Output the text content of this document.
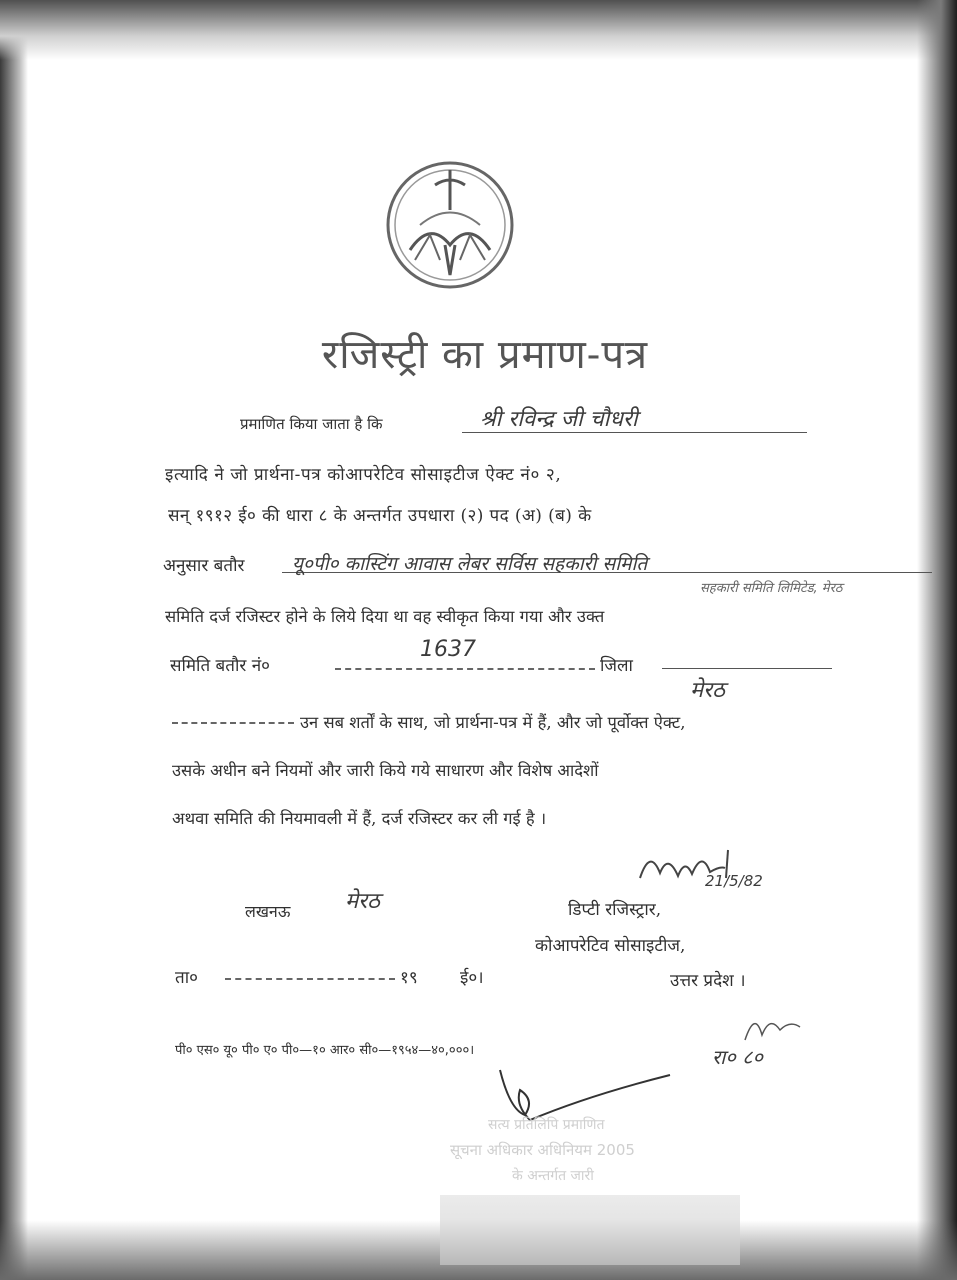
रजिस्ट्री का प्रमाण-पत्र
प्रमाणित किया जाता है कि	श्री रविन्द्र जी चौधरी
इत्यादि ने जो प्रार्थना-पत्र कोआपरेटिव सोसाइटीज ऐक्ट नं० २,
सन् १९१२ ई० की धारा ८ के अन्तर्गत उपधारा (२) पद (अ) (ब) के
अनुसार बतौर	यू०पी० कास्टिंग आवास लेबर सर्विस सहकारी समिति
सहकारी समिति लिमिटेड, मेरठ
समिति दर्ज रजिस्टर होने के लिये दिया था वह स्वीकृत किया गया और उक्त
समिति बतौर नं०
1637
जिला
मेरठ
उन सब शर्तों के साथ, जो प्रार्थना-पत्र में हैं, और जो पूर्वोक्त ऐक्ट,
उसके अधीन बने नियमों और जारी किये गये साधारण और विशेष आदेशों
अथवा समिति की नियमावली में हैं, दर्ज रजिस्टर कर ली गई है ।
21/5/82
लखनऊ मेरठ	डिप्टी रजिस्ट्रार,
कोआपरेटिव सोसाइटीज,
उत्तर प्रदेश ।
ता०	१९ ई०।
पी० एस० यू० पी० ए० पी०—१० आर० सी०—१९५४—४०,०००।	रा० ८०
सत्य प्रतिलिपि प्रमाणित
सूचना अधिकार अधिनियम 2005
के अन्तर्गत जारी
